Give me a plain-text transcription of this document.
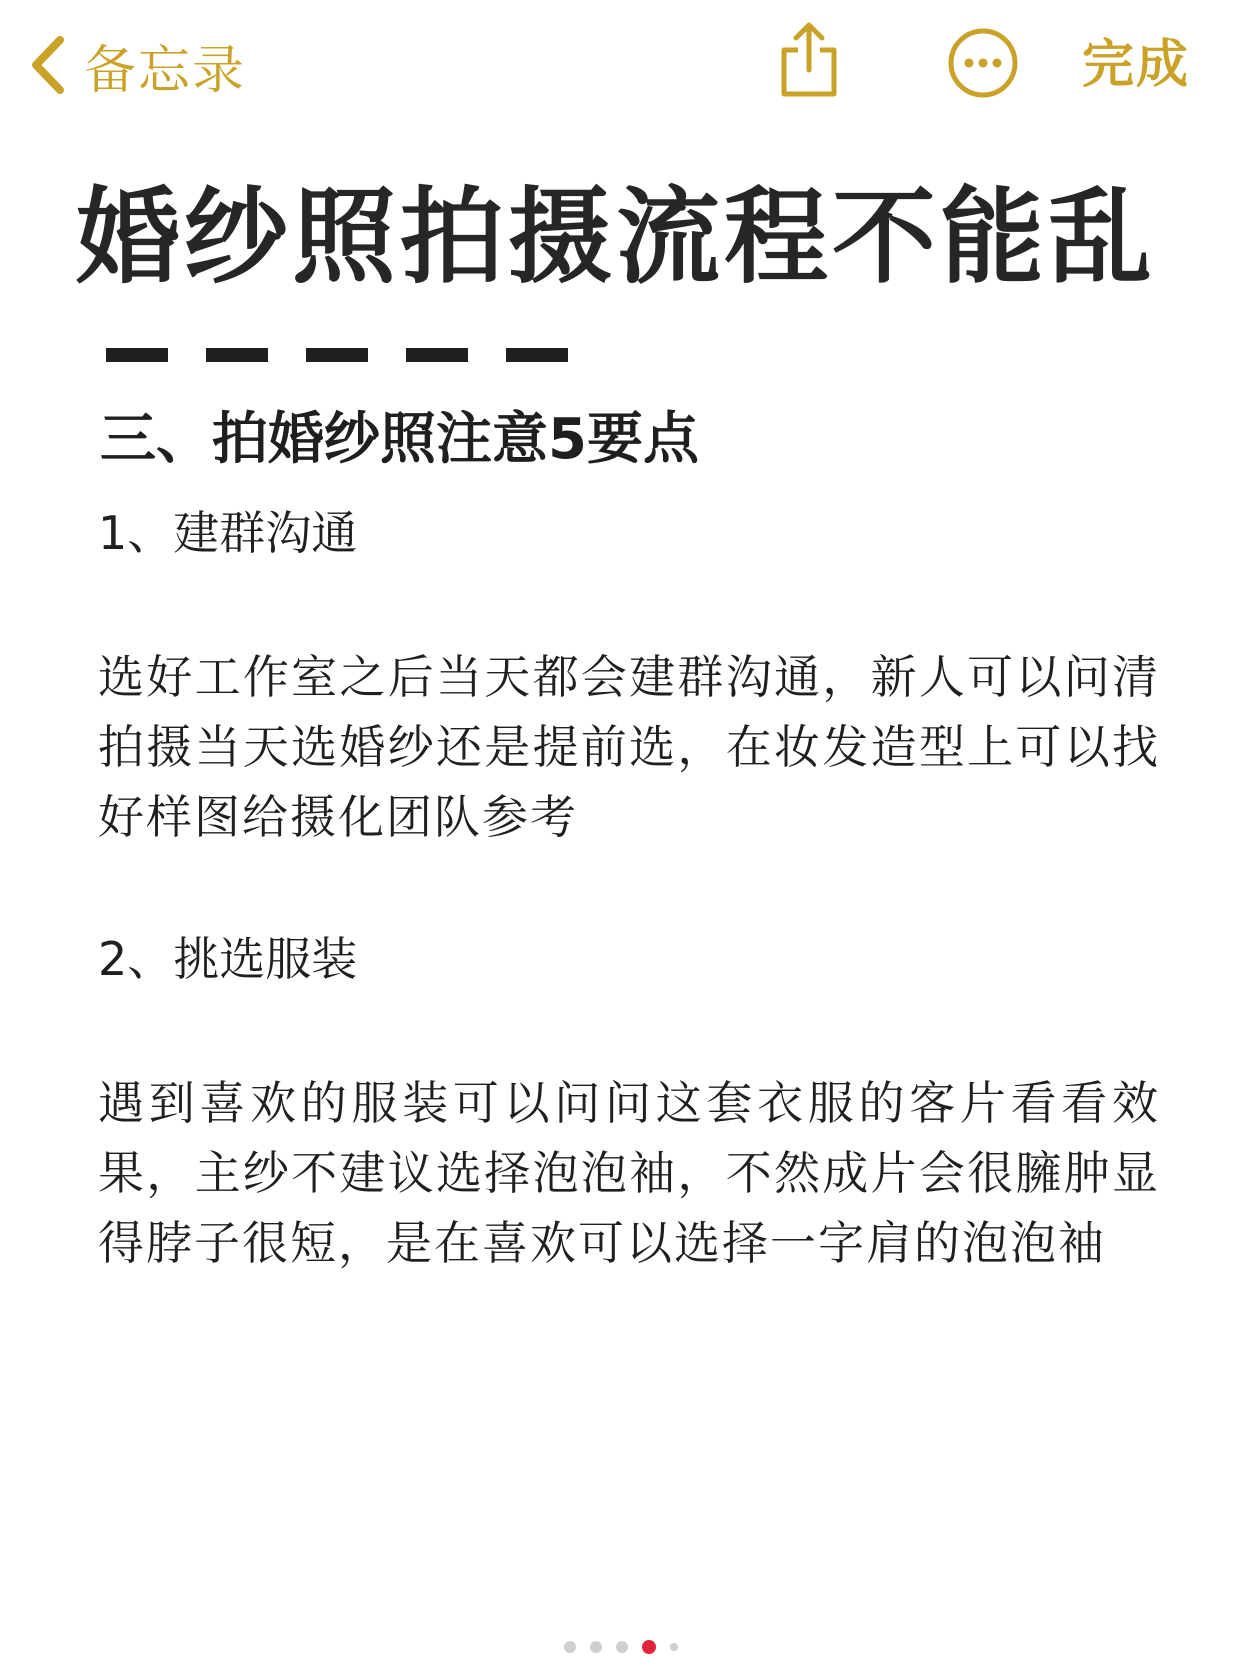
备忘录	完成
婚纱照拍摄流程不能乱
三、拍婚纱照注意5要点
1、建群沟通
选好工作室之后当天都会建群沟通，新人可以问清拍摄当天选婚纱还是提前选，在妆发造型上可以找好样图给摄化团队参考
2、挑选服装
遇到喜欢的服装可以问问这套衣服的客片看看效果，主纱不建议选择泡泡袖，不然成片会很臃肿显得脖子很短，是在喜欢可以选择一字肩的泡泡袖
